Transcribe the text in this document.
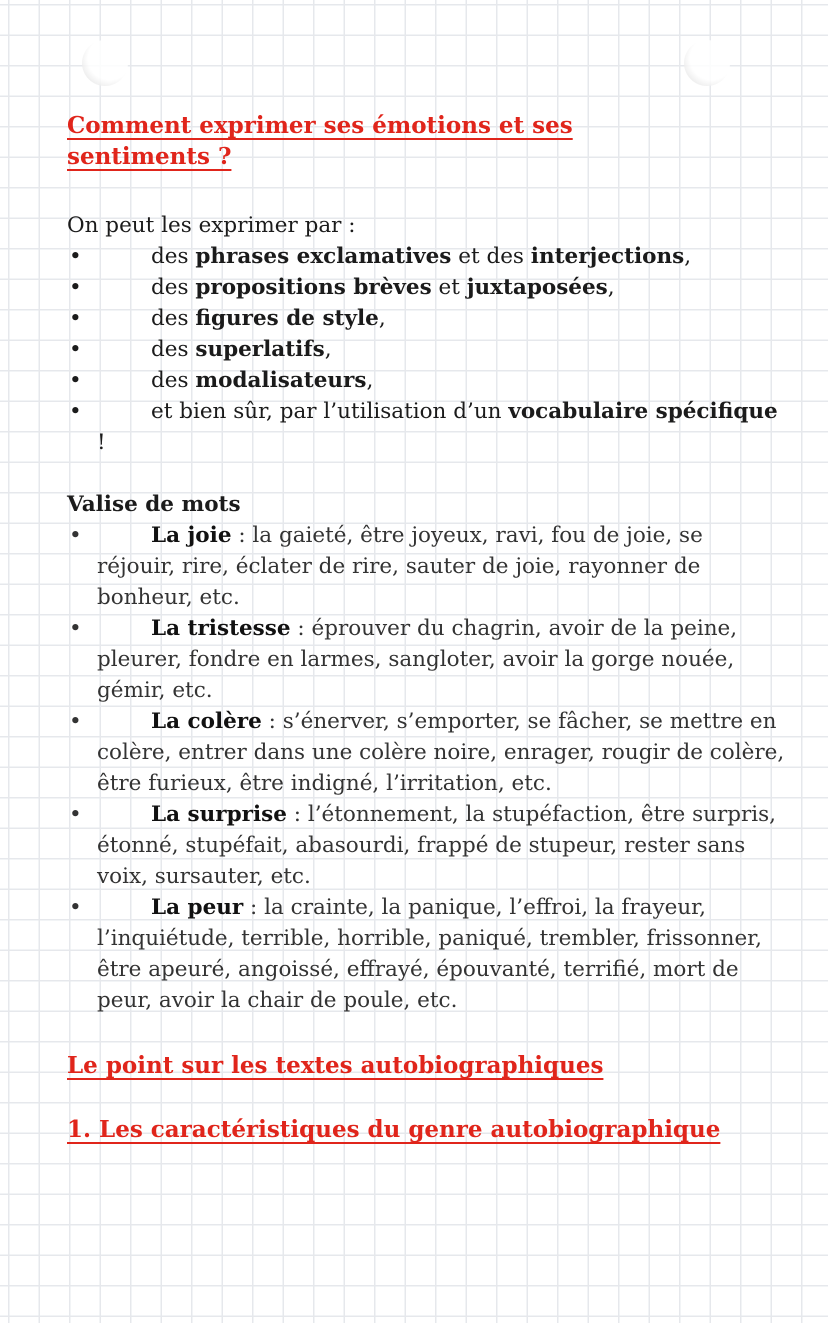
Comment exprimer ses émotions et ses
sentiments ?

On peut les exprimer par :

•	des phrases exclamatives et des interjections,
•	des propositions brèves et juxtaposées,
•	des figures de style,
•	des superlatifs,
•	des modalisateurs,
•	et bien sûr, par l’utilisation d’un vocabulaire spécifique !

Valise de mots

•	La joie : la gaieté, être joyeux, ravi, fou de joie, se réjouir, rire, éclater de rire, sauter de joie, rayonner de bonheur, etc.
•	La tristesse : éprouver du chagrin, avoir de la peine, pleurer, fondre en larmes, sangloter, avoir la gorge nouée, gémir, etc.
•	La colère : s’énerver, s’emporter, se fâcher, se mettre en colère, entrer dans une colère noire, enrager, rougir de colère, être furieux, être indigné, l’irritation, etc.
•	La surprise : l’étonnement, la stupéfaction, être surpris, étonné, stupéfait, abasourdi, frappé de stupeur, rester sans voix, sursauter, etc.
•	La peur : la crainte, la panique, l’effroi, la frayeur, l’inquiétude, terrible, horrible, paniqué, trembler, frissonner, être apeuré, angoissé, effrayé, épouvanté, terrifié, mort de peur, avoir la chair de poule, etc.
Le point sur les textes autobiographiques
1. Les caractéristiques du genre autobiographique
